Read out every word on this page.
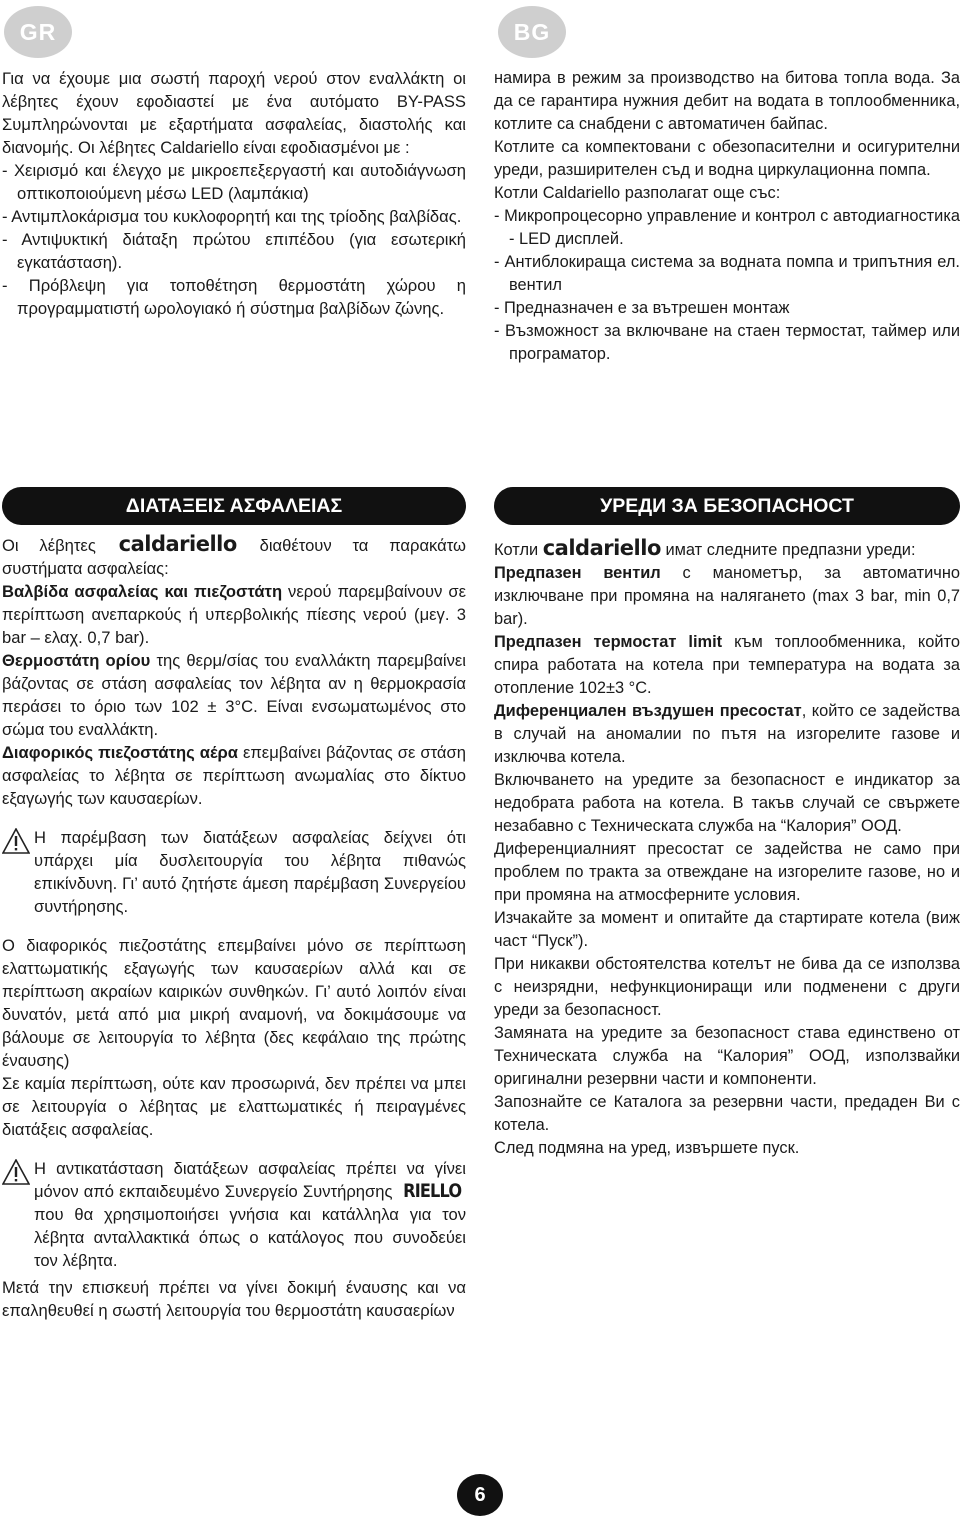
GR	BG

Για να έχουμε μια σωστή παροχή νερού στον εναλλάκτη οι λέβητες έχουν εφοδιαστεί με ένα αυτόματο BY-PASS Συμπληρώνονται με εξαρτήματα ασφαλείας, διαστολής και διανομής. Οι λέβητες Caldariello είναι εφοδιασμένοι με :

- Χειρισμό και έλεγχο με μικροεπεξεργαστή και αυτοδιάγνωση οπτικοποιούμενη μέσω LED (λαμπάκια)

- Αντιμπλοκάρισμα του κυκλοφορητή και της τρίοδης βαλβίδας.

- Αντιψυκτική διάταξη πρώτου επιπέδου (για εσωτερική εγκατάσταση).

- Πρόβλεψη για τοποθέτηση θερμοστάτη χώρου η προγραμματιστή ωρολογιακό ή σύστημα βαλβίδων ζώνης.

намира в режим за производство на битова топла вода. За да се гарантира нужния дебит на водата в топлообменника, котлите са снабдени с автоматичен байпас.

Котлите са компектовани с обезопасителни и осигурителни уреди, разширителен съд и водна циркулационна помпа.

Котли Caldariello разполагат още със:

- Микропроцесорно управление и контрол с автодиагностика - LED дисплей.

- Антиблокираща система за водната помпа и трипътния ел. вентил

- Предназначен е за вътрешен монтаж

- Възможност за включване на стаен термостат, таймер или програматор.

ΔΙΑΤΑΞΕΙΣ ΑΣΦΑΛΕΙΑΣ	УРЕДИ ЗА БЕЗОПАСНОСТ

Οι λέβητες caldariello διαθέτουν τα παρακάτω συστήματα ασφαλείας:

Βαλβίδα ασφαλείας και πιεζοστάτη νερού παρεμβαίνουν σε περίπτωση ανεπαρκούς ή υπερβολικής πίεσης νερού (μεγ. 3 bar – ελαχ. 0,7 bar).

Θερμοστάτη ορίου της θερμ/σίας του εναλλάκτη παρεμβαίνει βάζοντας σε στάση ασφαλείας τον λέβητα αν η θερμοκρασία περάσει το όριο των 102 ± 3°C. Είναι ενσωματωμένος στο σώμα του εναλλάκτη.

Διαφορικός πιεζοστάτης αέρα επεμβαίνει βάζοντας σε στάση ασφαλείας το λέβητα σε περίπτωση ανωμαλίας στο δίκτυο εξαγωγής των καυσαερίων.

Η παρέμβαση των διατάξεων ασφαλείας δείχνει ότι υπάρχει μία δυσλειτουργία του λέβητα πιθανώς επικίνδυνη. Γι’ αυτό ζητήστε άμεση παρέμβαση Συνεργείου συντήρησης.

Ο διαφορικός πιεζοστάτης επεμβαίνει μόνο σε περίπτωση ελαττωματικής εξαγωγής των καυσαερίων αλλά και σε περίπτωση ακραίων καιρικών συνθηκών. Γι’ αυτό λοιπόν είναι δυνατόν, μετά από μια μικρή αναμονή, να δοκιμάσουμε να βάλουμε σε λειτουργία το λέβητα (δες κεφάλαιο της πρώτης έναυσης)

Σε καμία περίπτωση, ούτε καν προσωρινά, δεν πρέπει να μπει σε λειτουργία ο λέβητας με ελαττωματικές ή πειραγμένες διατάξεις ασφαλείας.

Η αντικατάσταση διατάξεων ασφαλείας πρέπει να γίνει μόνον από εκπαιδευμένο Συνεργείο Συντήρησης RIELLO που θα χρησιμοποιήσει γνήσια και κατάλληλα για τον λέβητα ανταλλακτικά όπως ο κατάλογος που συνοδεύει τον λέβητα.

Μετά την επισκευή πρέπει να γίνει δοκιμή έναυσης και να επαληθευθεί η σωστή λειτουργία του θερμοστάτη καυσαερίων

Котли caldariello имат следните предпазни уреди:

Предпазен вентил с манометър, за автоматично изключване при промяна на налягането (max 3 bar, min 0,7 bar).

Предпазен термостат limit към топлообменника, който спира работата на котела при температура на водата за отопление 102±3 °C.

Диференциален въздушен пресостат, който се задейства в случай на аномалии по пътя на изгорелите газове и изключва котела.

Включването на уредите за безопасност е индикатор за недобрата работа на котела. В такъв случай се свържете незабавно с Техническата служба на “Калория” ООД.

Диференциалният пресостат се задейства не само при проблем по тракта за отвеждане на изгорелите газове, но и при промяна на атмосферните условия.

Изчакайте за момент и опитайте да стартирате котела (виж част “Пуск”).

При никакви обстоятелства котелът не бива да се използва с неизрядни, нефункциониращи или подменени с други уреди за безопасност.

Замяната на уредите за безопасност става единствено от Техническата служба на “Калория” ООД, използвайки оригинални резервни части и компоненти.

Запознайте се Каталога за резервни части, предаден Ви с котела.

След подмяна на уред, извършете пуск.

6
